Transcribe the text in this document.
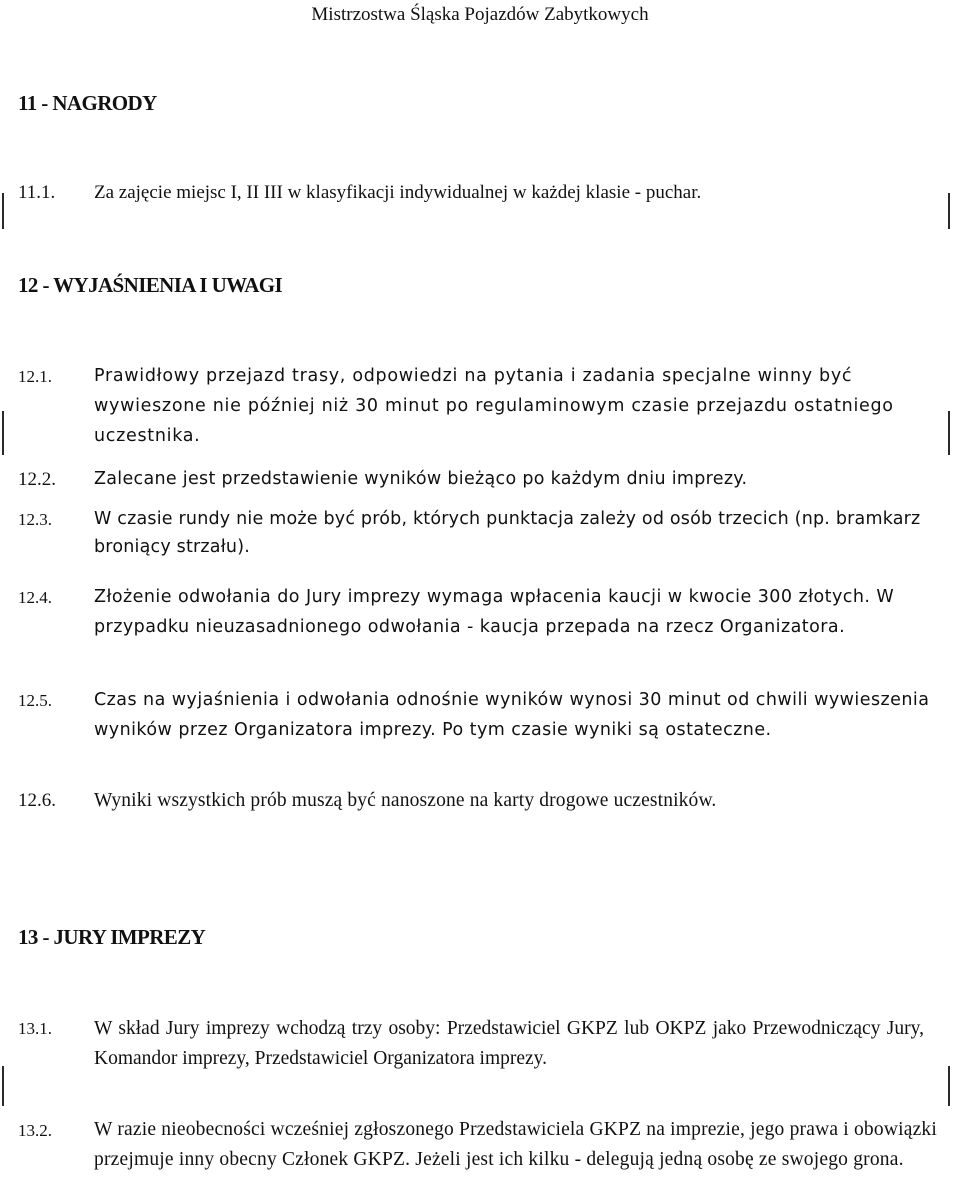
Mistrzostwa Śląska Pojazdów Zabytkowych
11 - NAGRODY
11.1. Za zajęcie miejsc I, II III w klasyfikacji indywidualnej w każdej klasie - puchar.
12 - WYJAŚNIENIA I UWAGI
12.1. Prawidłowy przejazd trasy, odpowiedzi na pytania i zadania specjalne winny być wywieszone nie później niż 30 minut po regulaminowym czasie przejazdu ostatniego uczestnika.
12.2. Zalecane jest przedstawienie wyników bieżąco po każdym dniu imprezy.
12.3. W czasie rundy nie może być prób, których punktacja zależy od osób trzecich (np. bramkarz broniący strzału).
12.4. Złożenie odwołania do Jury imprezy wymaga wpłacenia kaucji w kwocie 300 złotych. W przypadku nieuzasadnionego odwołania - kaucja przepada na rzecz Organizatora.
12.5. Czas na wyjaśnienia i odwołania odnośnie wyników wynosi 30 minut od chwili wywieszenia wyników przez Organizatora imprezy. Po tym czasie wyniki są ostateczne.
12.6. Wyniki wszystkich prób muszą być nanoszone na karty drogowe uczestników.
13 - JURY IMPREZY
13.1. W skład Jury imprezy wchodzą trzy osoby: Przedstawiciel GKPZ lub OKPZ jako Przewodniczący Jury, Komandor imprezy, Przedstawiciel Organizatora imprezy.
13.2. W razie nieobecności wcześniej zgłoszonego Przedstawiciela GKPZ na imprezie, jego prawa i obowiązki przejmuje inny obecny Członek GKPZ. Jeżeli jest ich kilku - delegują jedną osobę ze swojego grona.
